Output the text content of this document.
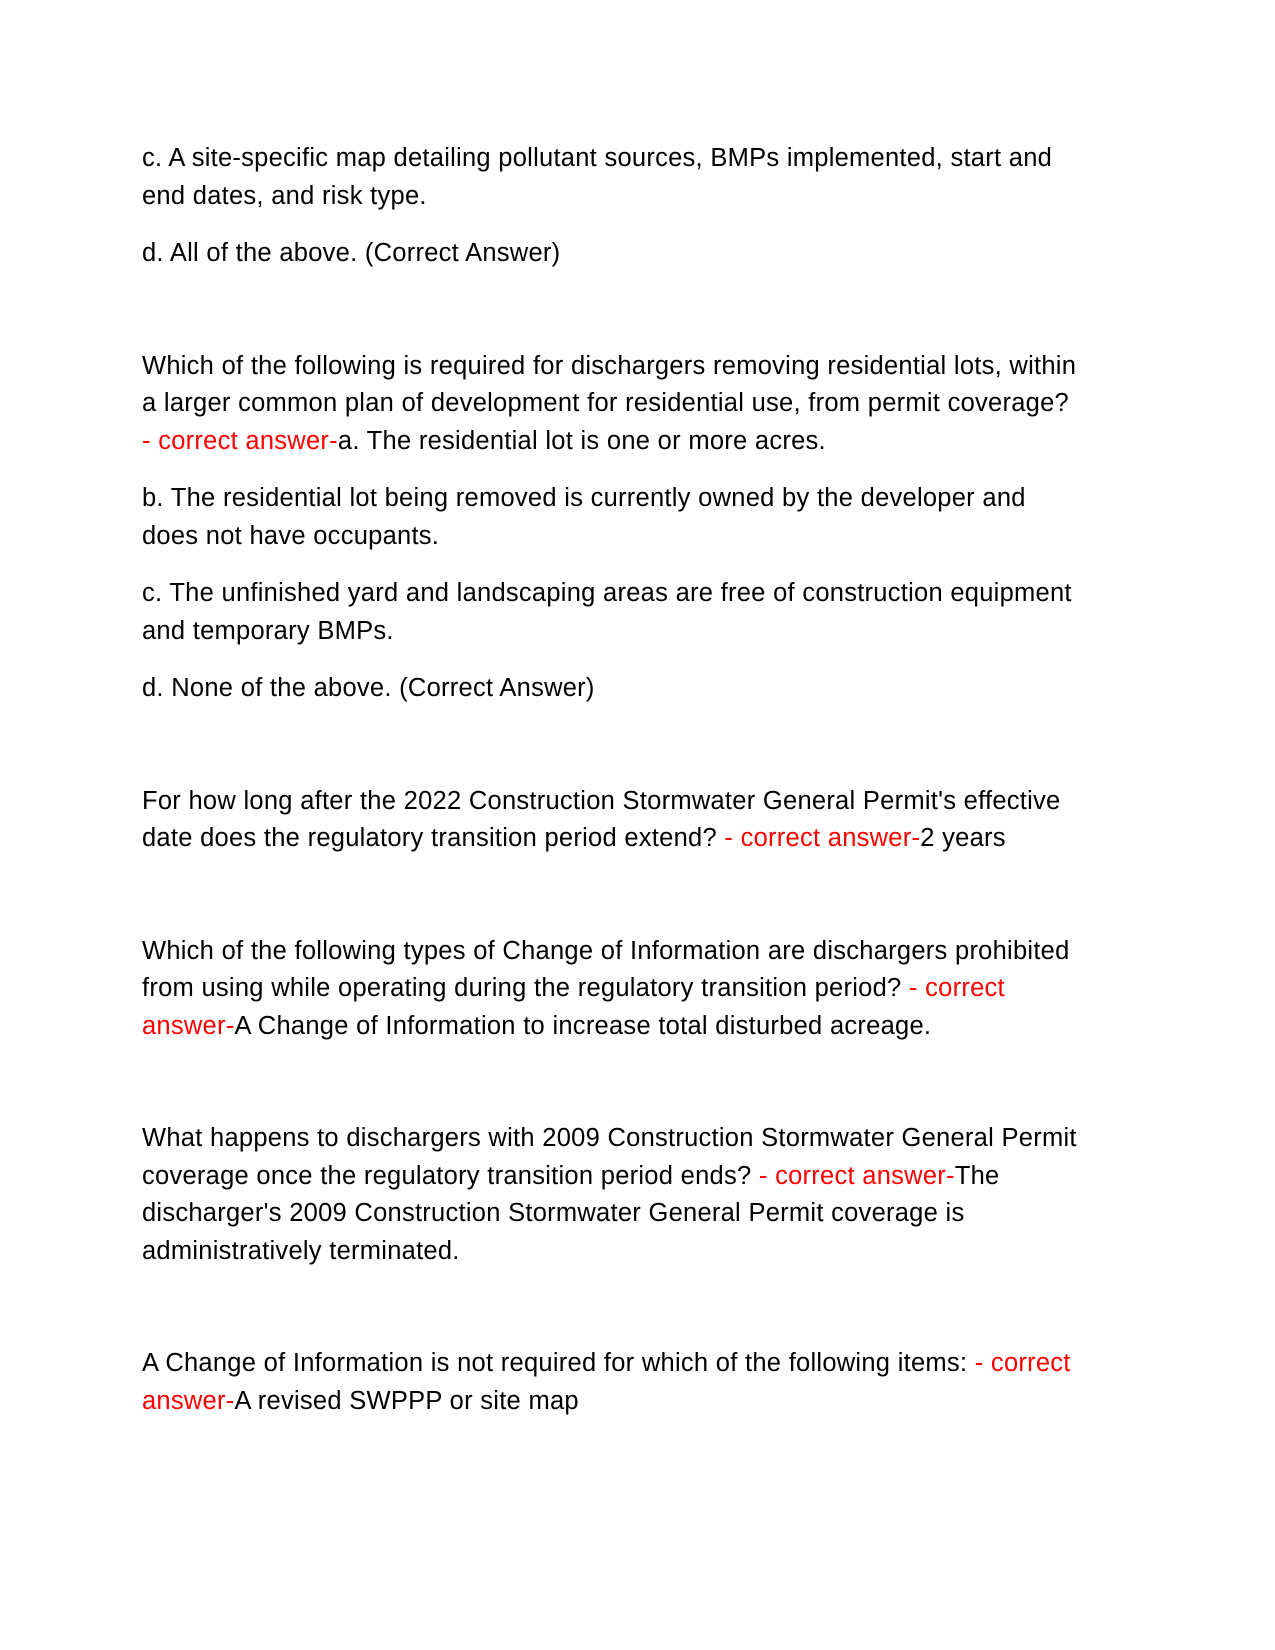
c. A site-specific map detailing pollutant sources, BMPs implemented, start and end dates, and risk type.

d. All of the above. (Correct Answer)

Which of the following is required for dischargers removing residential lots, within a larger common plan of development for residential use, from permit coverage? - correct answer-a. The residential lot is one or more acres.

b. The residential lot being removed is currently owned by the developer and does not have occupants.

c. The unfinished yard and landscaping areas are free of construction equipment and temporary BMPs.

d. None of the above. (Correct Answer)

For how long after the 2022 Construction Stormwater General Permit's effective date does the regulatory transition period extend? - correct answer-2 years

Which of the following types of Change of Information are dischargers prohibited from using while operating during the regulatory transition period? - correct answer-A Change of Information to increase total disturbed acreage.

What happens to dischargers with 2009 Construction Stormwater General Permit coverage once the regulatory transition period ends? - correct answer-The discharger's 2009 Construction Stormwater General Permit coverage is administratively terminated.

A Change of Information is not required for which of the following items: - correct answer-A revised SWPPP or site map
